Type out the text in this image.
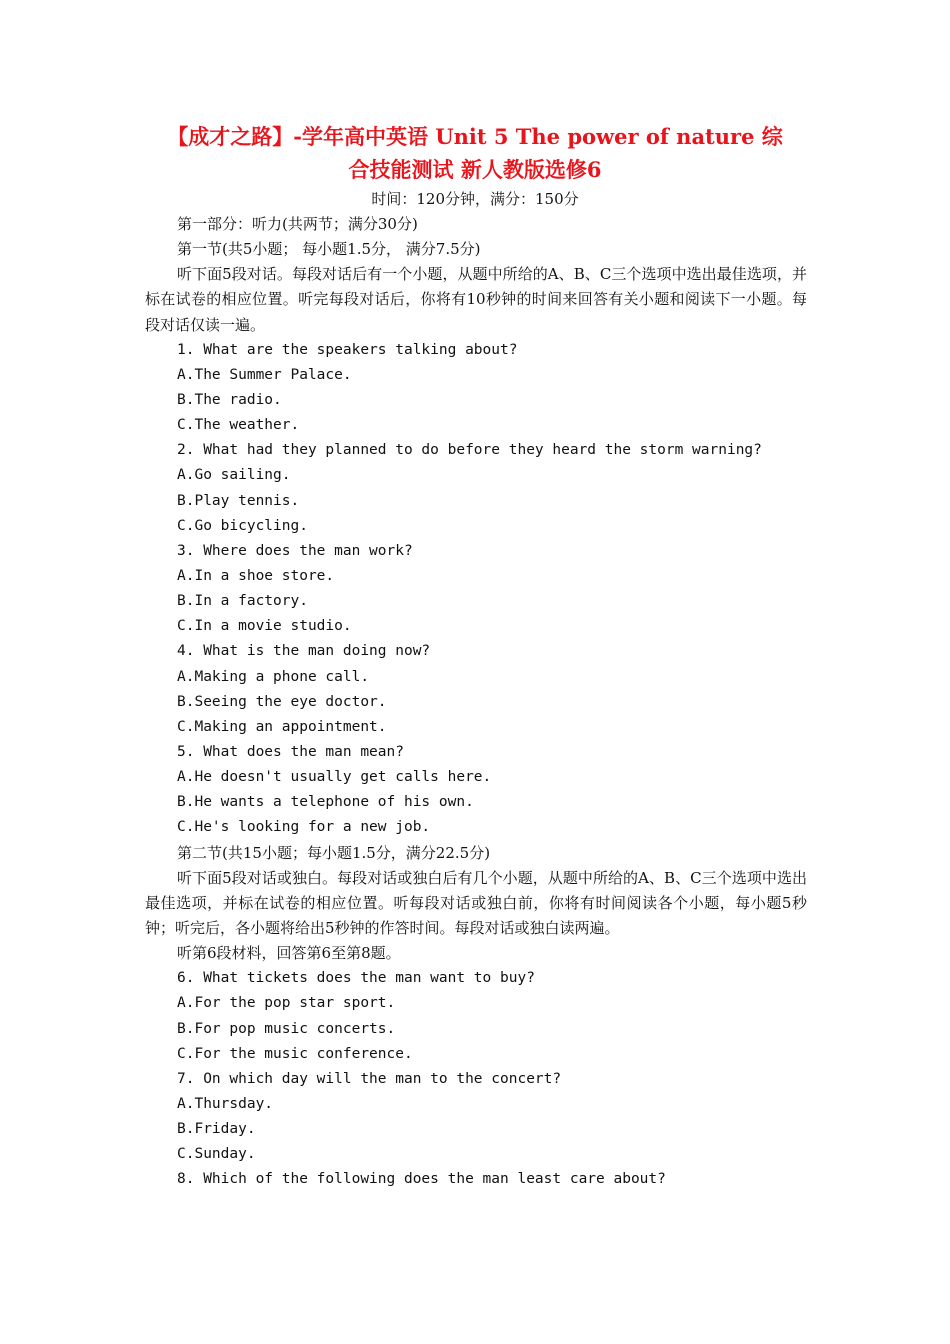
【成才之路】-学年高中英语 Unit 5 The power of nature 综
合技能测试 新人教版选修6
时间：120分钟，满分：150分
第一部分：听力(共两节；满分30分)
第一节(共5小题； 每小题1.5分， 满分7.5分)
听下面5段对话。每段对话后有一个小题，从题中所给的A、B、C三个选项中选出最佳选项，并标在试卷的相应位置。听完每段对话后，你将有10秒钟的时间来回答有关小题和阅读下一小题。每段对话仅读一遍。
1. What are the speakers talking about?
A.The Summer Palace.
B.The radio.
C.The weather.
2. What had they planned to do before they heard the storm warning?
A.Go sailing.
B.Play tennis.
C.Go bicycling.
3. Where does the man work?
A.In a shoe store.
B.In a factory.
C.In a movie studio.
4. What is the man doing now?
A.Making a phone call.
B.Seeing the eye doctor.
C.Making an appointment.
5. What does the man mean?
A.He doesn't usually get calls here.
B.He wants a telephone of his own.
C.He's looking for a new job.
第二节(共15小题；每小题1.5分，满分22.5分)
听下面5段对话或独白。每段对话或独白后有几个小题，从题中所给的A、B、C三个选项中选出最佳选项，并标在试卷的相应位置。听每段对话或独白前，你将有时间阅读各个小题，每小题5秒钟；听完后，各小题将给出5秒钟的作答时间。每段对话或独白读两遍。
听第6段材料，回答第6至第8题。
6. What tickets does the man want to buy?
A.For the pop star sport.
B.For pop music concerts.
C.For the music conference.
7. On which day will the man to the concert?
A.Thursday.
B.Friday.
C.Sunday.
8. Which of the following does the man least care about?
